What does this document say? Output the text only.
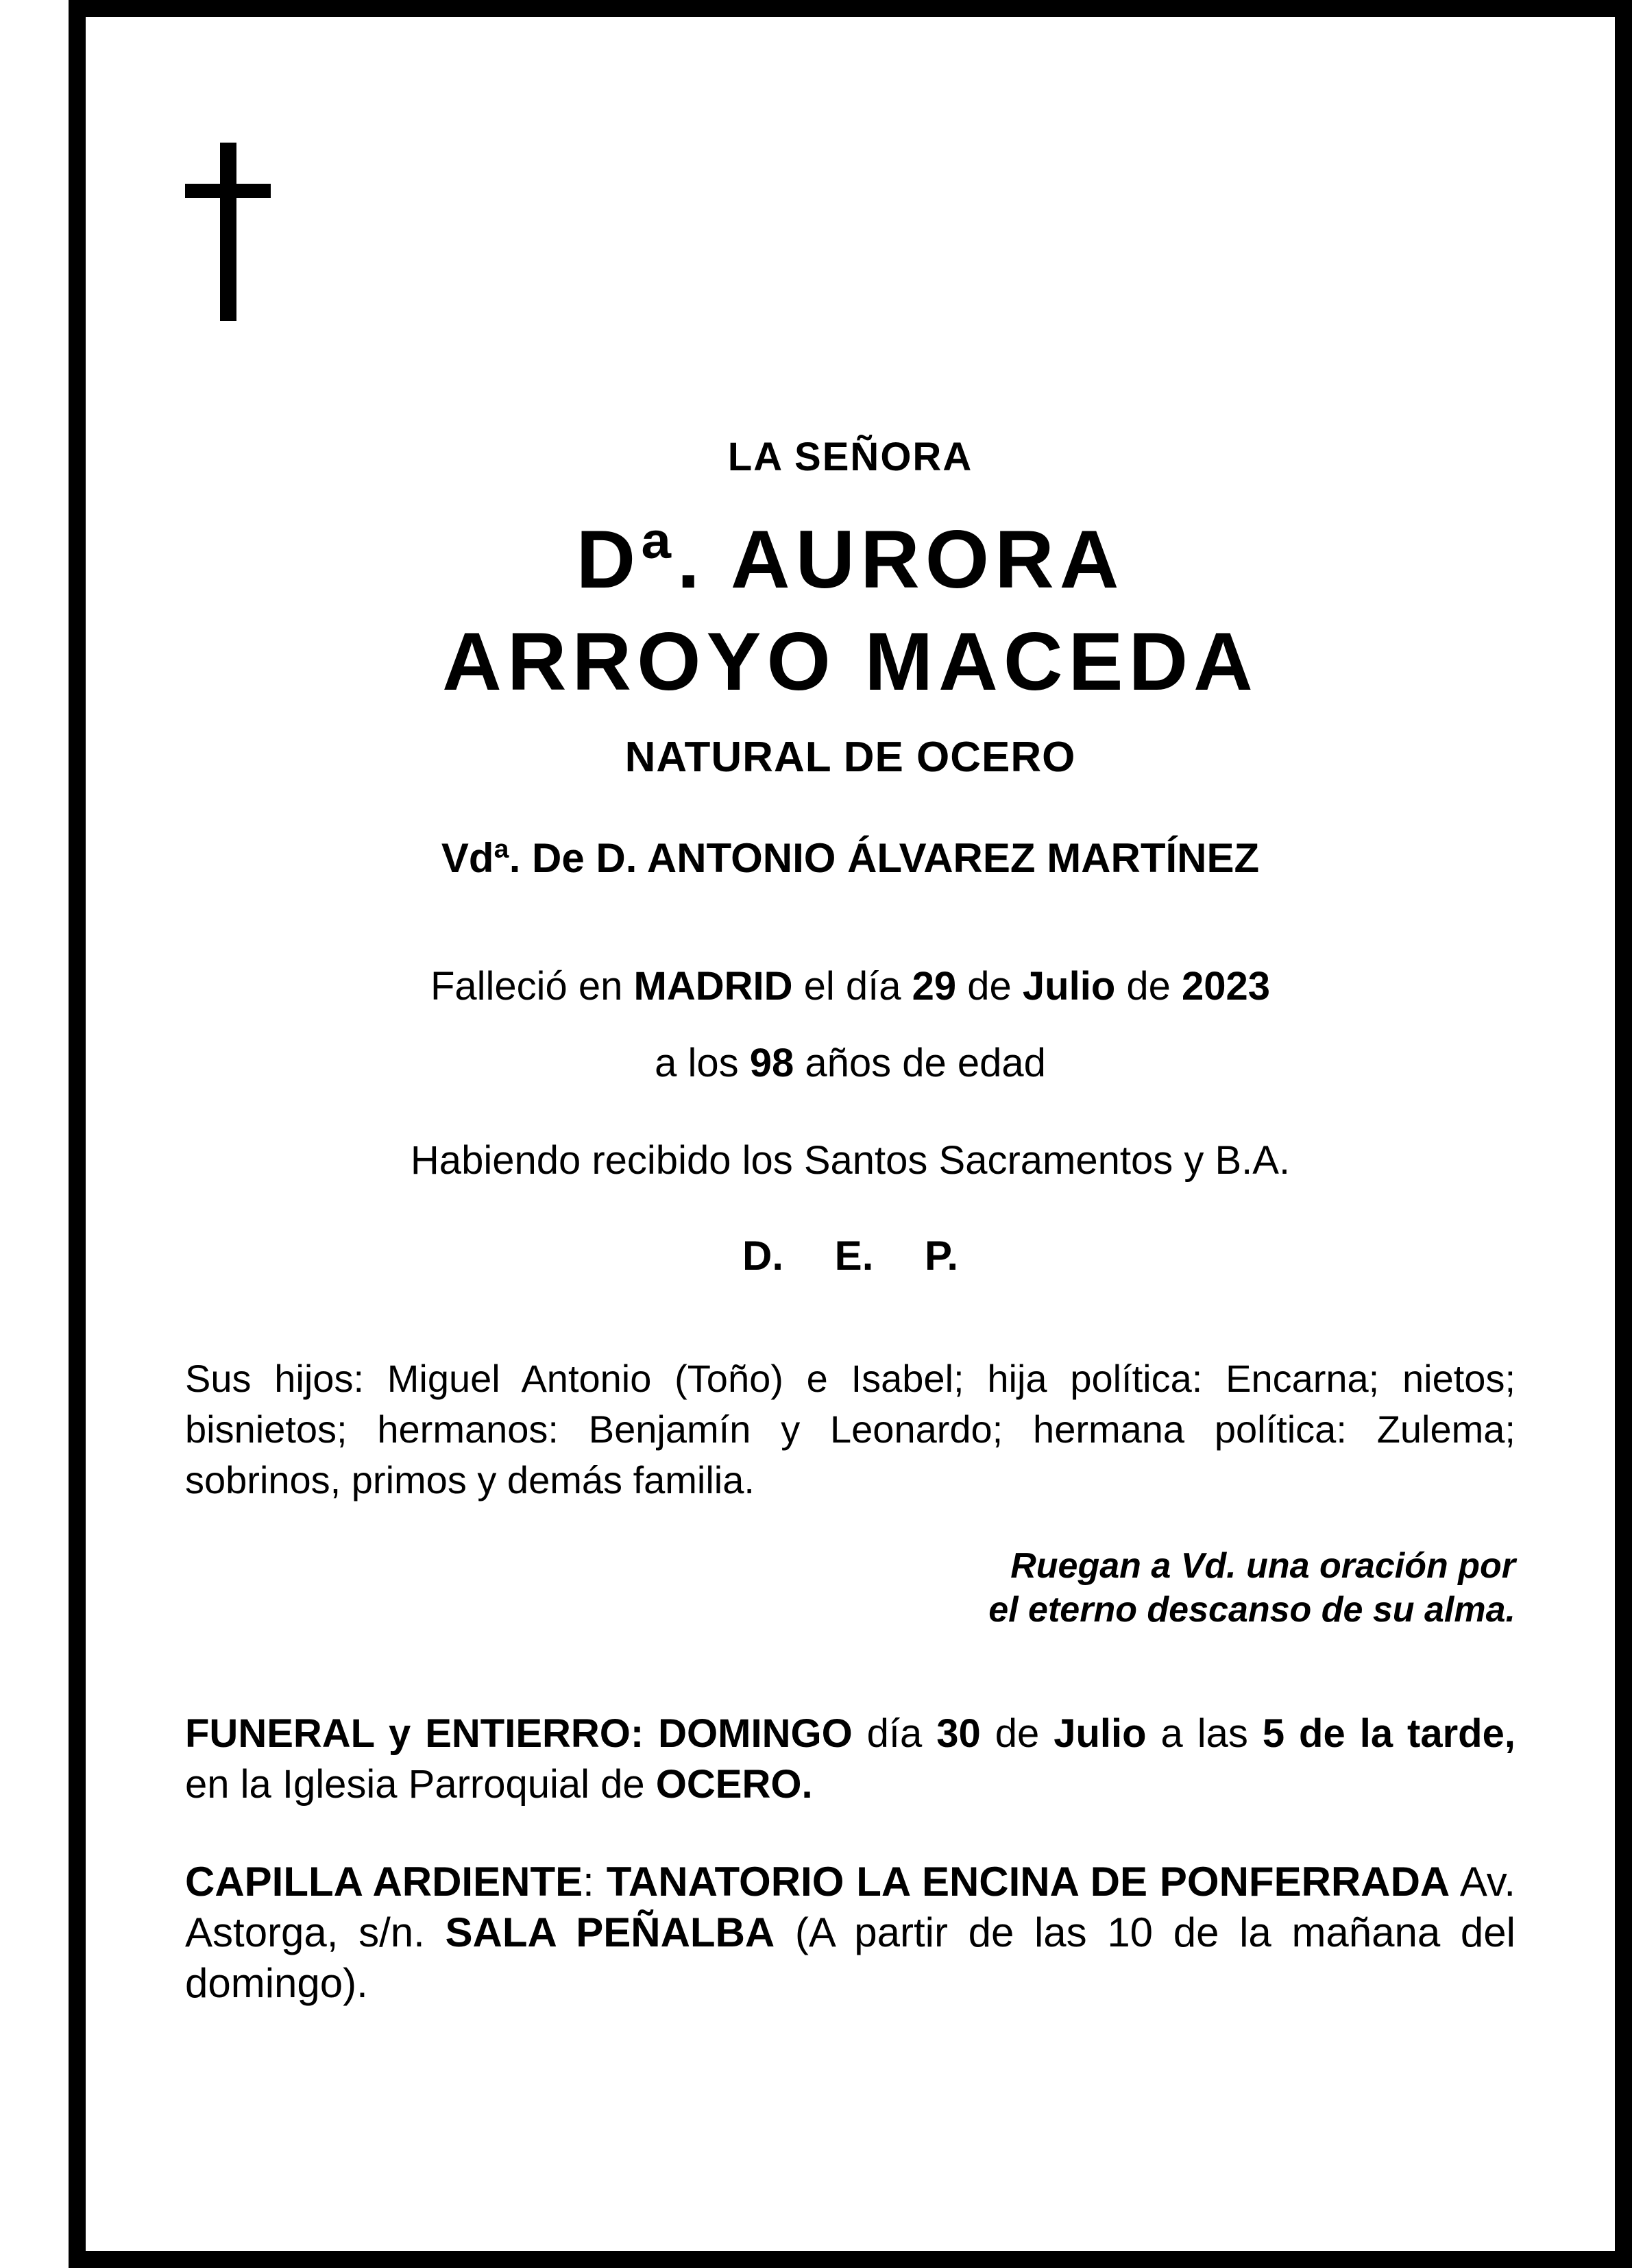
LA SEÑORA
Dª. AURORA
ARROYO MACEDA
NATURAL DE OCERO
Vdª. De D. ANTONIO ÁLVAREZ MARTÍNEZ
Falleció en MADRID el día 29 de Julio de 2023
a los 98 años de edad
Habiendo recibido los Santos Sacramentos y B.A.
D. E. P.

Sus hijos: Miguel Antonio (Toño) e Isabel; hija política: Encarna; nietos; bisnietos; hermanos: Benjamín y Leonardo; hermana política: Zulema; sobrinos, primos y demás familia.

Ruegan a Vd. una oración por
el eterno descanso de su alma.

FUNERAL y ENTIERRO: DOMINGO día 30 de Julio a las 5 de la tarde, en la Iglesia Parroquial de OCERO.

CAPILLA ARDIENTE: TANATORIO LA ENCINA DE PONFERRADA Av. Astorga, s/n. SALA PEÑALBA (A partir de las 10 de la mañana del domingo).
